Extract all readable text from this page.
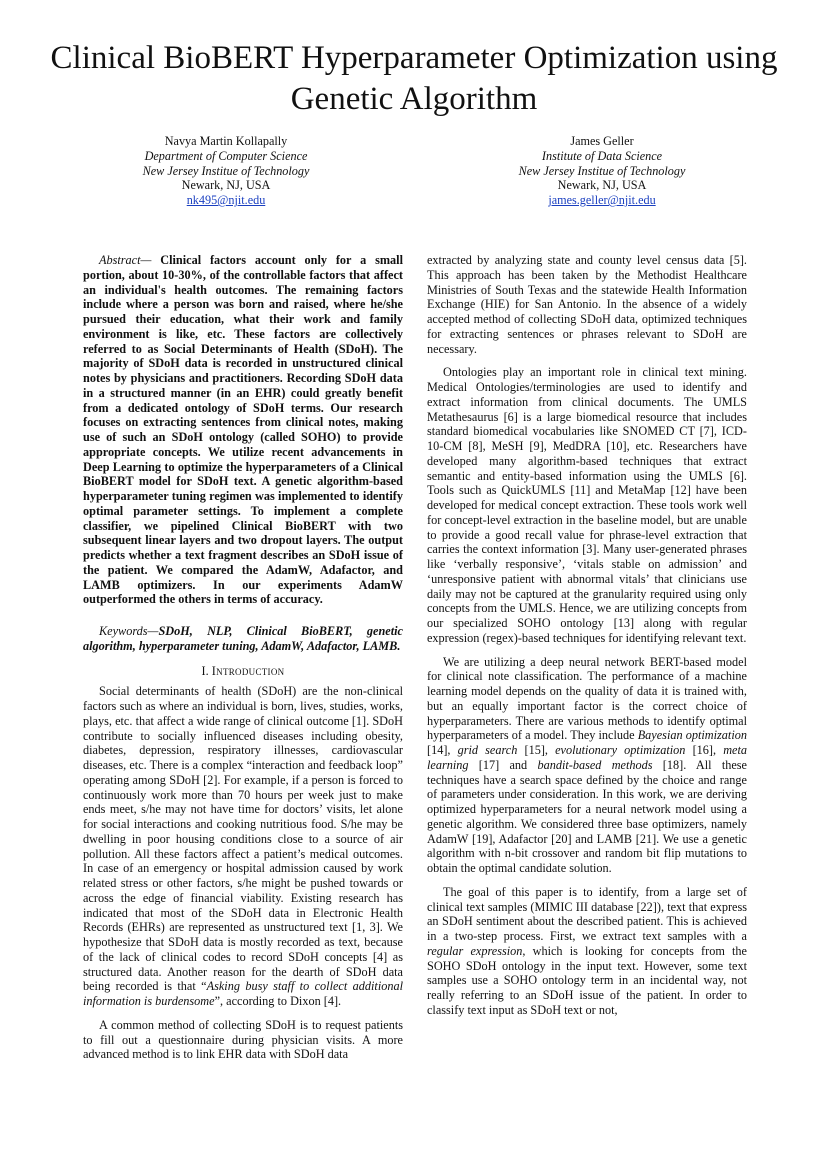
Clinical BioBERT Hyperparameter Optimization using Genetic Algorithm
Navya Martin Kollapally
Department of Computer Science
New Jersey Institue of Technology
Newark, NJ, USA
nk495@njit.edu
James Geller
Institute of Data Science
New Jersey Institue of Technology
Newark, NJ, USA
james.geller@njit.edu

Abstract— Clinical factors account only for a small portion, about 10-30%, of the controllable factors that affect an individual's health outcomes. The remaining factors include where a person was born and raised, where he/she pursued their education, what their work and family environment is like, etc. These factors are collectively referred to as Social Determinants of Health (SDoH). The majority of SDoH data is recorded in unstructured clinical notes by physicians and practitioners. Recording SDoH data in a structured manner (in an EHR) could greatly benefit from a dedicated ontology of SDoH terms. Our research focuses on extracting sentences from clinical notes, making use of such an SDoH ontology (called SOHO) to provide appropriate concepts. We utilize recent advancements in Deep Learning to optimize the hyperparameters of a Clinical BioBERT model for SDoH text. A genetic algorithm-based hyperparameter tuning regimen was implemented to identify optimal parameter settings. To implement a complete classifier, we pipelined Clinical BioBERT with two subsequent linear layers and two dropout layers. The output predicts whether a text fragment describes an SDoH issue of the patient. We compared the AdamW, Adafactor, and LAMB optimizers. In our experiments AdamW outperformed the others in terms of accuracy.

Keywords—SDoH, NLP, Clinical BioBERT, genetic algorithm, hyperparameter tuning, AdamW, Adafactor, LAMB.

I. Introduction

Social determinants of health (SDoH) are the non-clinical factors such as where an individual is born, lives, studies, works, plays, etc. that affect a wide range of clinical outcome [1]. SDoH contribute to socially influenced diseases including obesity, diabetes, depression, respiratory illnesses, cardiovascular diseases, etc. There is a complex “interaction and feedback loop” operating among SDoH [2]. For example, if a person is forced to continuously work more than 70 hours per week just to make ends meet, s/he may not have time for doctors’ visits, let alone for social interactions and cooking nutritious food. S/he may be dwelling in poor housing conditions close to a source of air pollution. All these factors affect a patient’s medical outcomes. In case of an emergency or hospital admission caused by work related stress or other factors, s/he might be pushed towards or across the edge of financial viability. Existing research has indicated that most of the SDoH data in Electronic Health Records (EHRs) are represented as unstructured text [1, 3]. We hypothesize that SDoH data is mostly recorded as text, because of the lack of clinical codes to record SDoH concepts [4] as structured data. Another reason for the dearth of SDoH data being recorded is that “Asking busy staff to collect additional information is burdensome”, according to Dixon [4].

A common method of collecting SDoH is to request patients to fill out a questionnaire during physician visits. A more advanced method is to link EHR data with SDoH data

extracted by analyzing state and county level census data [5]. This approach has been taken by the Methodist Healthcare Ministries of South Texas and the statewide Health Information Exchange (HIE) for San Antonio. In the absence of a widely accepted method of collecting SDoH data, optimized techniques for extracting sentences or phrases relevant to SDoH are necessary.

Ontologies play an important role in clinical text mining. Medical Ontologies/terminologies are used to identify and extract information from clinical documents. The UMLS Metathesaurus [6] is a large biomedical resource that includes standard biomedical vocabularies like SNOMED CT [7], ICD-10-CM [8], MeSH [9], MedDRA [10], etc. Researchers have developed many algorithm-based techniques that extract semantic and entity-based information using the UMLS [6]. Tools such as QuickUMLS [11] and MetaMap [12] have been developed for medical concept extraction. These tools work well for concept-level extraction in the baseline model, but are unable to provide a good recall value for phrase-level extraction that carries the context information [3]. Many user-generated phrases like ‘verbally responsive’, ‘vitals stable on admission’ and ‘unresponsive patient with abnormal vitals’ that clinicians use daily may not be captured at the granularity required using only concepts from the UMLS. Hence, we are utilizing concepts from our specialized SOHO ontology [13] along with regular expression (regex)-based techniques for identifying relevant text.

We are utilizing a deep neural network BERT-based model for clinical note classification. The performance of a machine learning model depends on the quality of data it is trained with, but an equally important factor is the correct choice of hyperparameters. There are various methods to identify optimal hyperparameters of a model. They include Bayesian optimization [14], grid search [15], evolutionary optimization [16], meta learning [17] and bandit-based methods [18]. All these techniques have a search space defined by the choice and range of parameters under consideration. In this work, we are deriving optimized hyperparameters for a neural network model using a genetic algorithm. We considered three base optimizers, namely AdamW [19], Adafactor [20] and LAMB [21]. We use a genetic algorithm with n-bit crossover and random bit flip mutations to obtain the optimal candidate solution.

The goal of this paper is to identify, from a large set of clinical text samples (MIMIC III database [22]), text that express an SDoH sentiment about the described patient. This is achieved in a two-step process. First, we extract text samples with a regular expression, which is looking for concepts from the SOHO SDoH ontology in the input text. However, some text samples use a SOHO ontology term in an incidental way, not really referring to an SDoH issue of the patient. In order to classify text input as SDoH text or not,
